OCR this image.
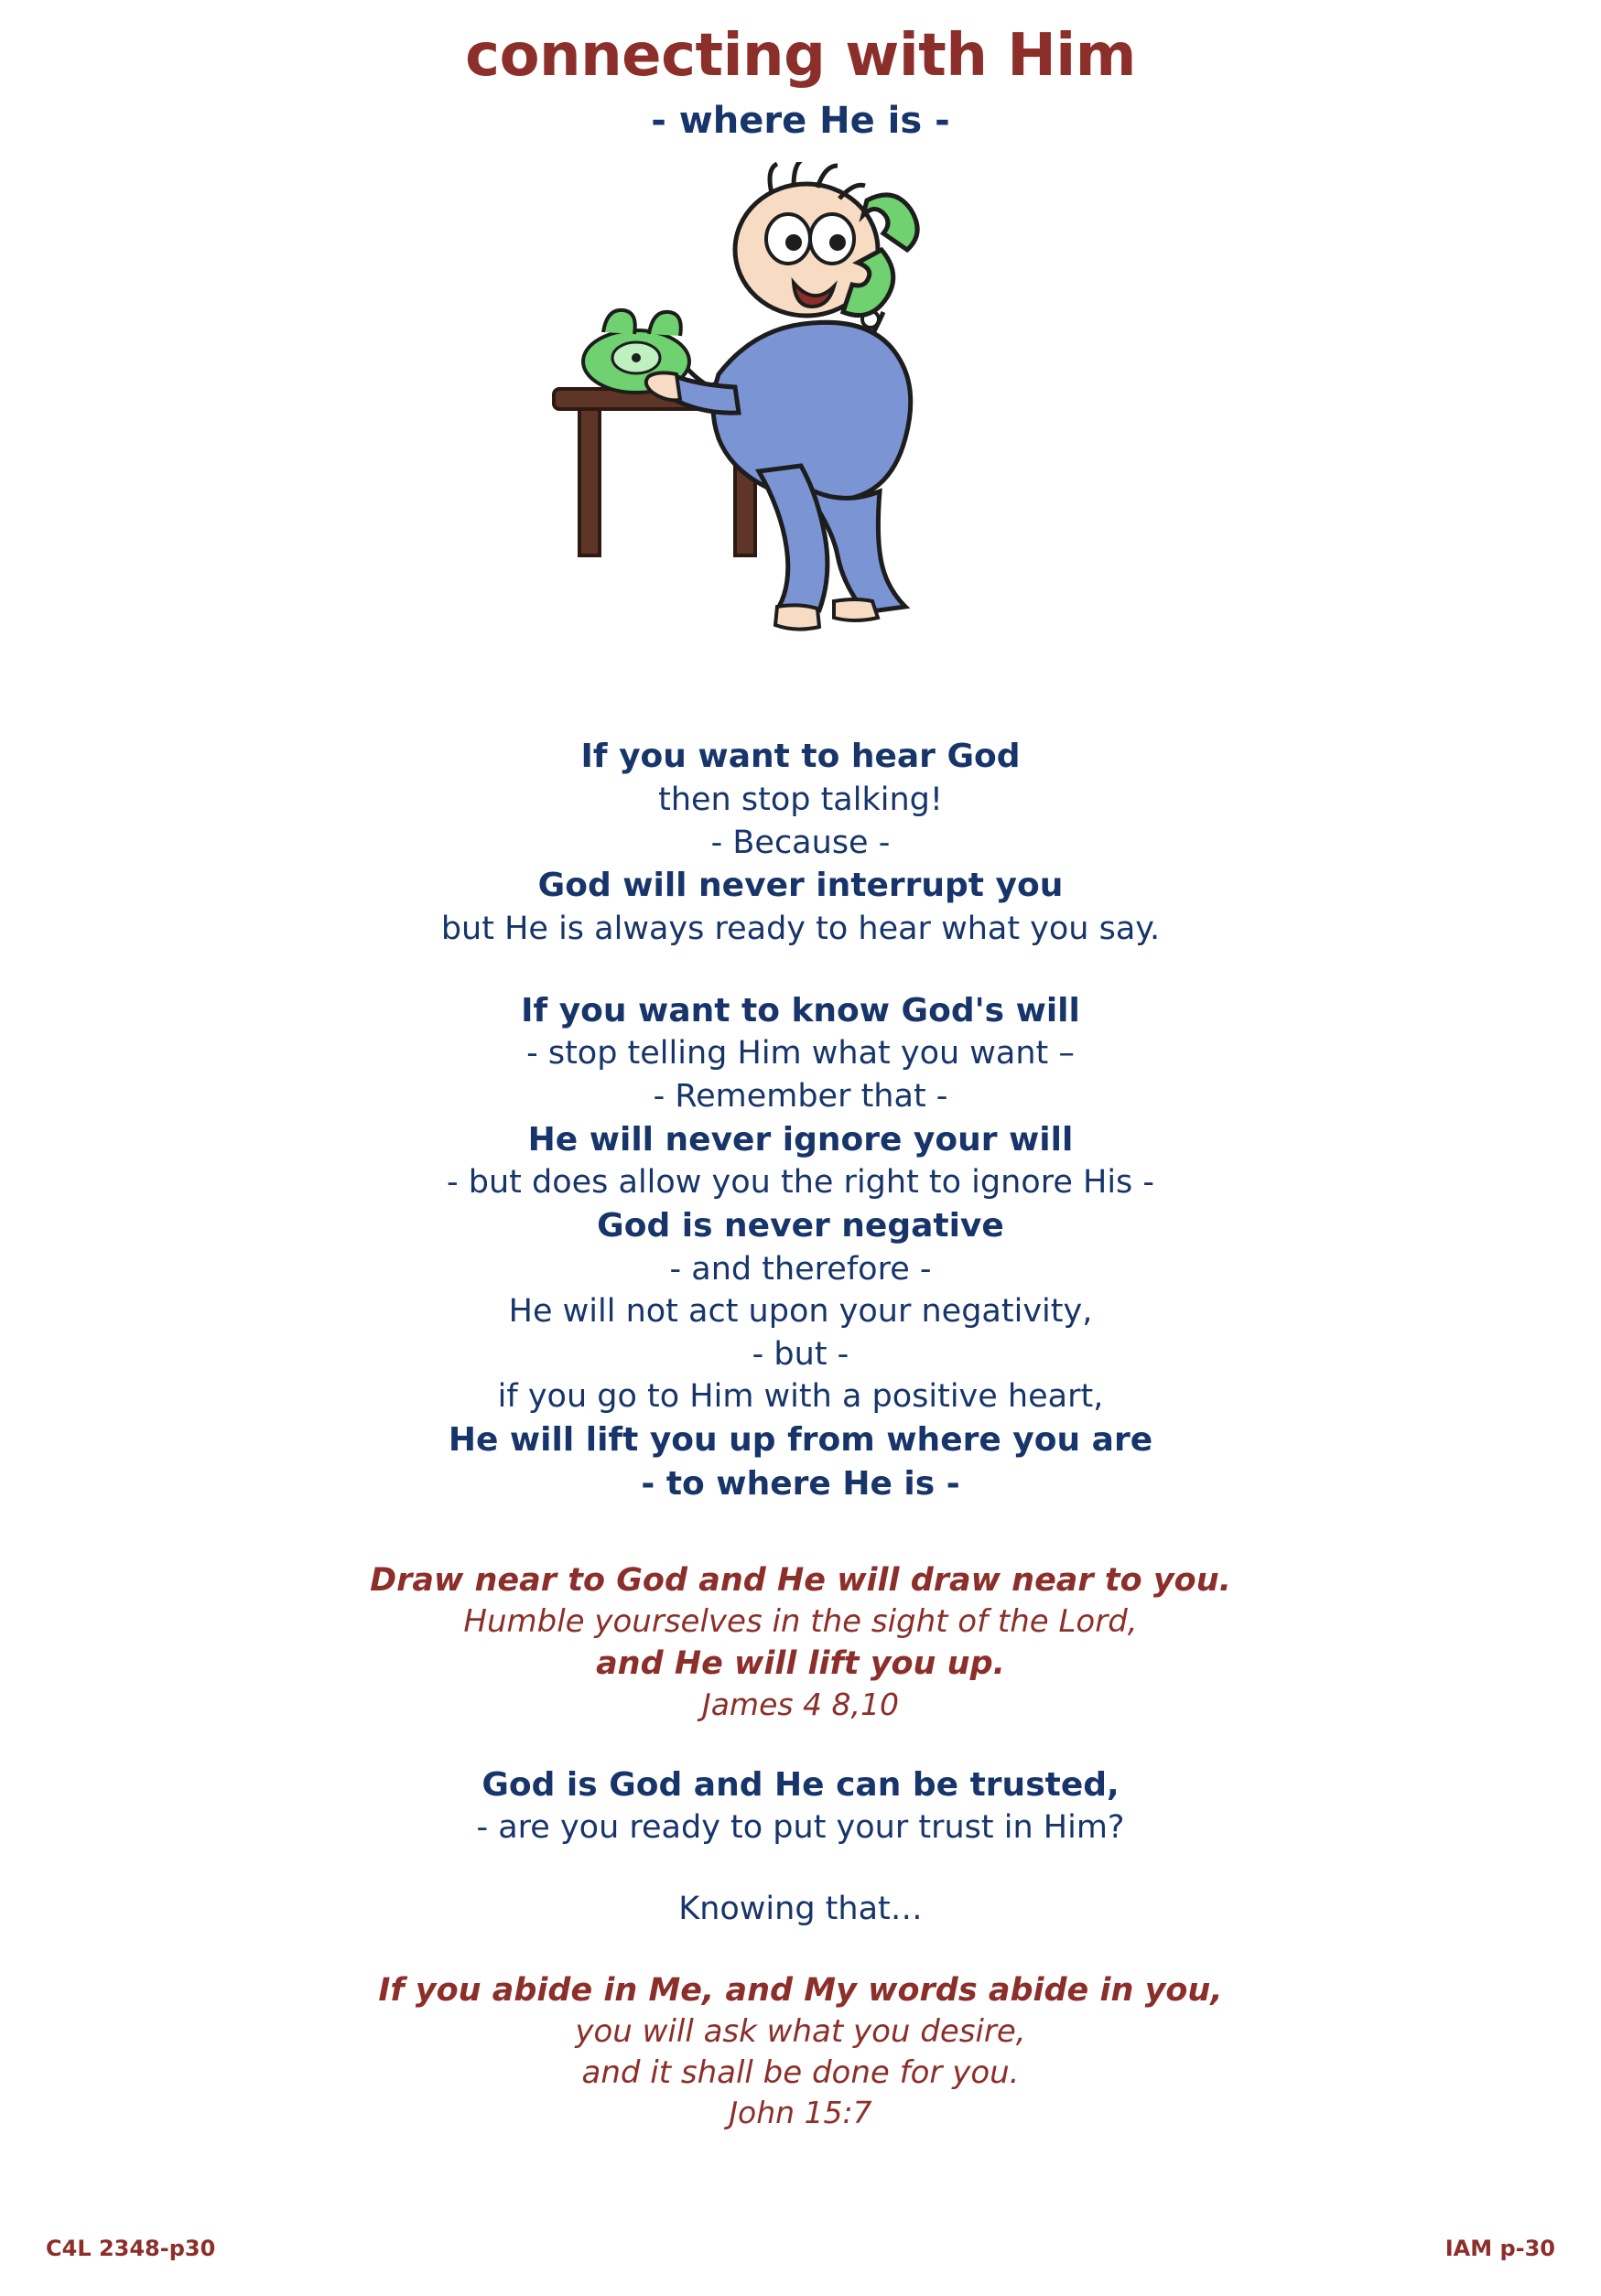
connecting with Him
- where He is -
If you want to hear God
then stop talking!
- Because -
God will never interrupt you
but He is always ready to hear what you say.
If you want to know God's will
- stop telling Him what you want –
- Remember that -
He will never ignore your will
- but does allow you the right to ignore His -
God is never negative
- and therefore -
He will not act upon your negativity,
- but -
if you go to Him with a positive heart,
He will lift you up from where you are
- to where He is -
Draw near to God and He will draw near to you.
Humble yourselves in the sight of the Lord,
and He will lift you up.
James 4 8,10
God is God and He can be trusted,
- are you ready to put your trust in Him?
Knowing that…
If you abide in Me, and My words abide in you,
you will ask what you desire,
and it shall be done for you.
John 15:7
C4L 2348-p30	IAM p-30
